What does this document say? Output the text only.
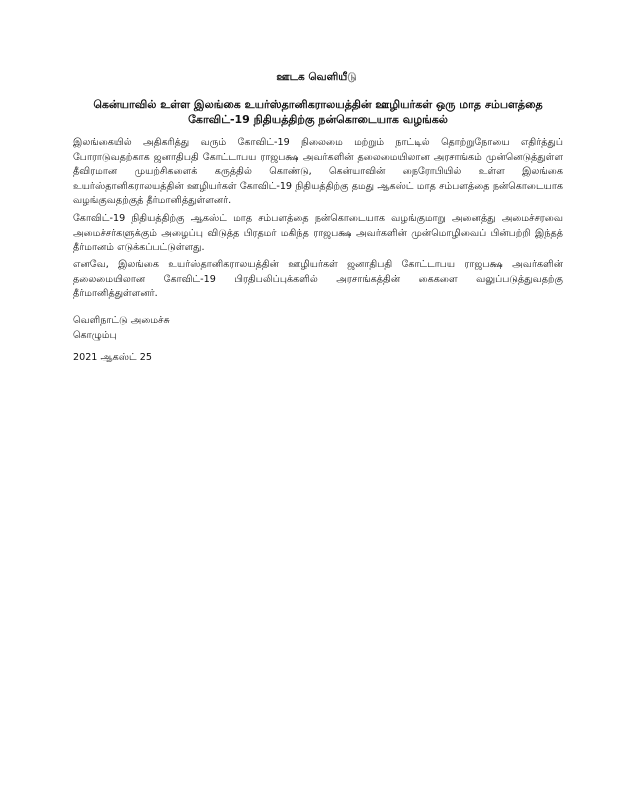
ஊடக வெளியீடு
கென்யாவில் உள்ள இலங்கை உயர்ஸ்தானிகராலயத்தின் ஊழியர்கள் ஒரு மாத சம்பளத்தை கோவிட்-19 நிதியத்திற்கு நன்கொடையாக வழங்கல்

இலங்கையில் அதிகரித்து வரும் கோவிட்-19 நிலைமை மற்றும் நாட்டில் தொற்றுநோயை எதிர்த்துப் போராடுவதற்காக ஜனாதிபதி கோட்டாபய ராஜபக்ஷ அவர்களின் தலைமையிலான அரசாங்கம் முன்னெடுத்துள்ள தீவிரமான முயற்சிகளைக் கருத்தில் கொண்டு, கென்யாவின் நைரோபியில் உள்ள இலங்கை உயர்ஸ்தானிகராலயத்தின் ஊழியர்கள் கோவிட்-19 நிதியத்திற்கு தமது ஆகஸ்ட் மாத சம்பளத்தை நன்கொடையாக வழங்குவதற்குத் தீர்மானித்துள்ளனர்.

கோவிட்-19 நிதியத்திற்கு ஆகஸ்ட் மாத சம்பளத்தை நன்கொடையாக வழங்குமாறு அனைத்து அமைச்சரவை அமைச்சர்களுக்கும் அழைப்பு விடுத்த பிரதமர் மகிந்த ராஜபக்ஷ அவர்களின் முன்மொழிவைப் பின்பற்றி இந்தத் தீர்மானம் எடுக்கப்பட்டுள்ளது.

எனவே, இலங்கை உயர்ஸ்தானிகராலயத்தின் ஊழியர்கள் ஜனாதிபதி கோட்டாபய ராஜபக்ஷ அவர்களின் தலைமையிலான கோவிட்-19 பிரதிபலிப்புக்களில் அரசாங்கத்தின் கைகளை வலுப்படுத்துவதற்கு தீர்மானித்துள்ளனர்.

வெளிநாட்டு அமைச்சு
கொழும்பு
2021 ஆகஸ்ட் 25
